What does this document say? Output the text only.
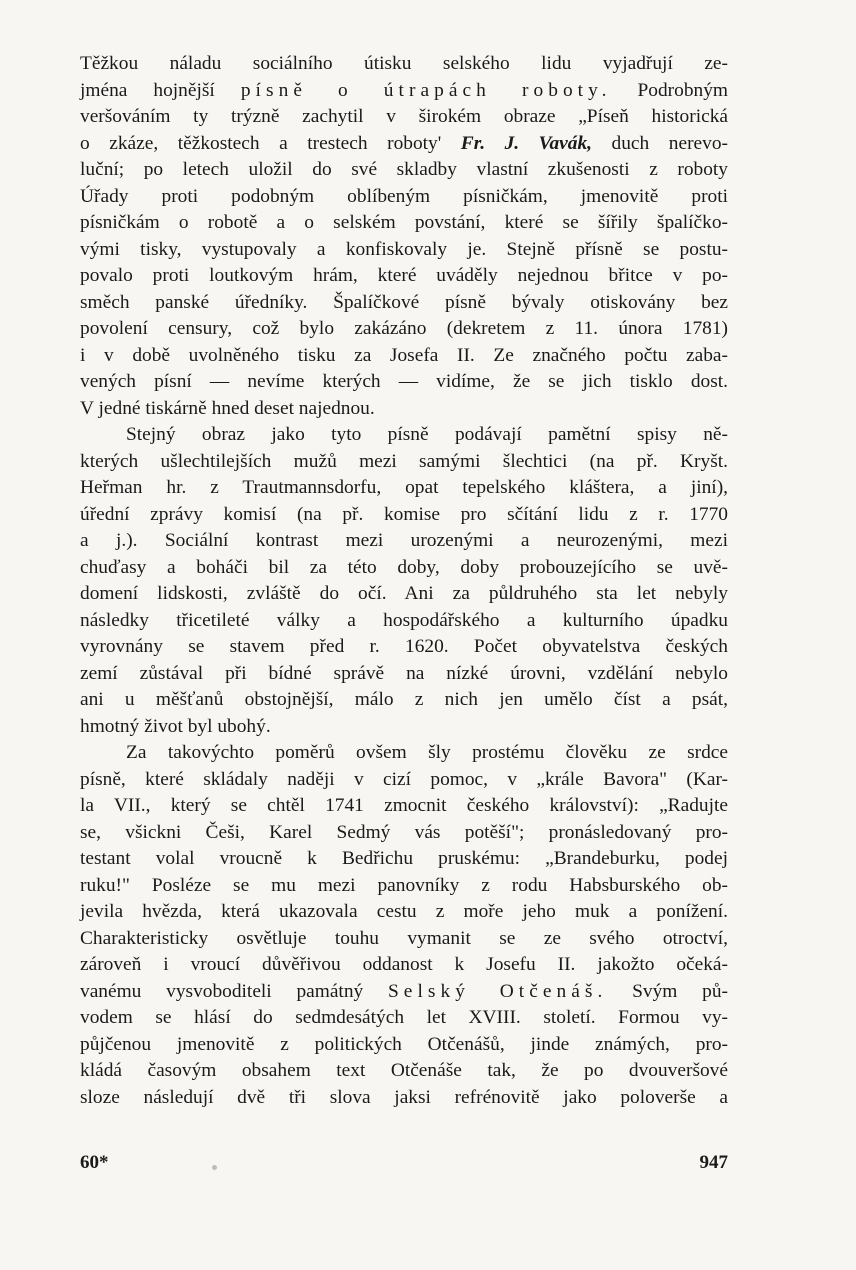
Těžkou náladu sociálního útisku selského lidu vyjadřují ze-
jména hojnější písně o útrapách roboty. Podrobným
veršováním ty trýzně zachytil v širokém obraze „Píseň historická
o zkáze, těžkostech a trestech roboty' Fr. J. Vavák, duch nerevo-
luční; po letech uložil do své skladby vlastní zkušenosti z roboty
Úřady proti podobným oblíbeným písničkám, jmenovitě proti
písničkám o robotě a o selském povstání, které se šířily špalíčko-
vými tisky, vystupovaly a konfiskovaly je. Stejně přísně se postu-
povalo proti loutkovým hrám, které uváděly nejednou břitce v po-
směch panské úředníky. Špalíčkové písně bývaly otiskovány bez
povolení censury, což bylo zakázáno (dekretem z 11. února 1781)
i v době uvolněného tisku za Josefa II. Ze značného počtu zaba-
vených písní — nevíme kterých — vidíme, že se jich tisklo dost.
V jedné tiskárně hned deset najednou.
Stejný obraz jako tyto písně podávají pamětní spisy ně-
kterých ušlechtilejších mužů mezi samými šlechtici (na př. Kryšt.
Heřman hr. z Trautmannsdorfu, opat tepelského kláštera, a jiní),
úřední zprávy komisí (na př. komise pro sčítání lidu z r. 1770
a j.). Sociální kontrast mezi urozenými a neurozenými, mezi
chuďasy a boháči bil za této doby, doby probouzejícího se uvě-
domení lidskosti, zvláště do očí. Ani za půldruhého sta let nebyly
následky třicetileté války a hospodářského a kulturního úpadku
vyrovnány se stavem před r. 1620. Počet obyvatelstva českých
zemí zůstával při bídné správě na nízké úrovni, vzdělání nebylo
ani u měšťanů obstojnější, málo z nich jen umělo číst a psát,
hmotný život byl ubohý.
Za takovýchto poměrů ovšem šly prostému člověku ze srdce
písně, které skládaly naději v cizí pomoc, v „krále Bavora" (Kar-
la VII., který se chtěl 1741 zmocnit českého království): „Radujte
se, všickni Češi, Karel Sedmý vás potěší"; pronásledovaný pro-
testant volal vroucně k Bedřichu pruskému: „Brandeburku, podej
ruku!" Posléze se mu mezi panovníky z rodu Habsburského ob-
jevila hvězda, která ukazovala cestu z moře jeho muk a ponížení.
Charakteristicky osvětluje touhu vymanit se ze svého otroctví,
zároveň i vroucí důvěřivou oddanost k Josefu II. jakožto očeká-
vanému vysvoboditeli památný Selský Otčenáš. Svým pů-
vodem se hlásí do sedmdesátých let XVIII. století. Formou vy-
půjčenou jmenovitě z politických Otčenášů, jinde známých, pro-
kládá časovým obsahem text Otčenáše tak, že po dvouveršové
sloze následují dvě tři slova jaksi refrénovitě jako poloverše a
60*	947
